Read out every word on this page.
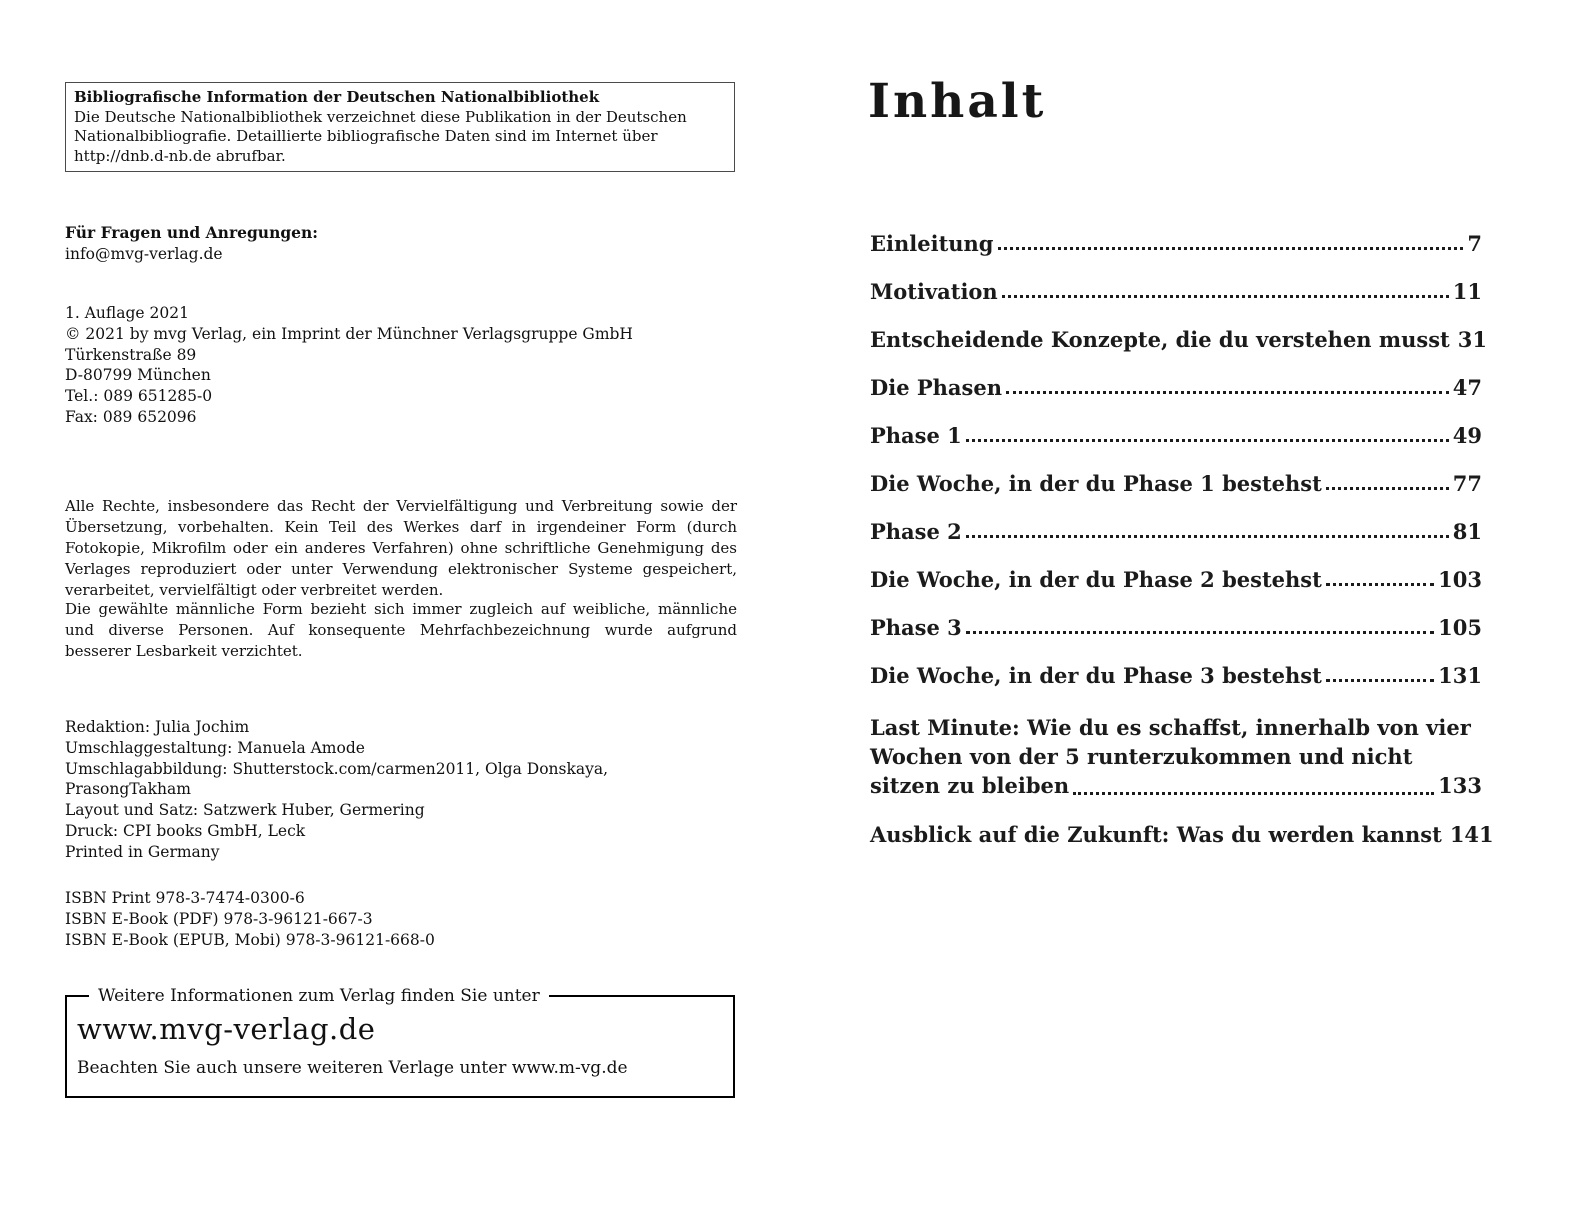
Bibliografische Information der Deutschen Nationalbibliothek
Die Deutsche Nationalbibliothek verzeichnet diese Publikation in der Deutschen
Nationalbibliografie. Detaillierte bibliografische Daten sind im Internet über
http://dnb.d-nb.de abrufbar.
Für Fragen und Anregungen:
info@mvg-verlag.de
1. Auflage 2021
© 2021 by mvg Verlag, ein Imprint der Münchner Verlagsgruppe GmbH
Türkenstraße 89
D-80799 München
Tel.: 089 651285-0
Fax: 089 652096
Alle Rechte, insbesondere das Recht der Vervielfältigung und Verbreitung sowie der Übersetzung, vorbehalten. Kein Teil des Werkes darf in irgendeiner Form (durch Fotokopie, Mikrofilm oder ein anderes Verfahren) ohne schriftliche Genehmigung des Verlages reproduziert oder unter Verwendung elektronischer Systeme gespeichert, verarbeitet, vervielfältigt oder verbreitet werden.
Die gewählte männliche Form bezieht sich immer zugleich auf weibliche, männliche und diverse Personen. Auf konsequente Mehrfachbezeichnung wurde aufgrund besserer Lesbarkeit verzichtet.
Redaktion: Julia Jochim
Umschlaggestaltung: Manuela Amode
Umschlagabbildung: Shutterstock.com/carmen2011, Olga Donskaya, PrasongTakham
Layout und Satz: Satzwerk Huber, Germering
Druck: CPI books GmbH, Leck
Printed in Germany
ISBN Print 978-3-7474-0300-6
ISBN E-Book (PDF) 978-3-96121-667-3
ISBN E-Book (EPUB, Mobi) 978-3-96121-668-0
Weitere Informationen zum Verlag finden Sie unter
www.mvg-verlag.de
Beachten Sie auch unsere weiteren Verlage unter www.m-vg.de
Inhalt
Einleitung	7
Motivation	11
Entscheidende Konzepte, die du verstehen musst 31
Die Phasen	47
Phase 1	49
Die Woche, in der du Phase 1 bestehst	77
Phase 2	81
Die Woche, in der du Phase 2 bestehst	103
Phase 3	105
Die Woche, in der du Phase 3 bestehst	131
Last Minute: Wie du es schaffst, innerhalb von vier
Wochen von der 5 runterzukommen und nicht
sitzen zu bleiben	133
Ausblick auf die Zukunft: Was du werden kannst 141
